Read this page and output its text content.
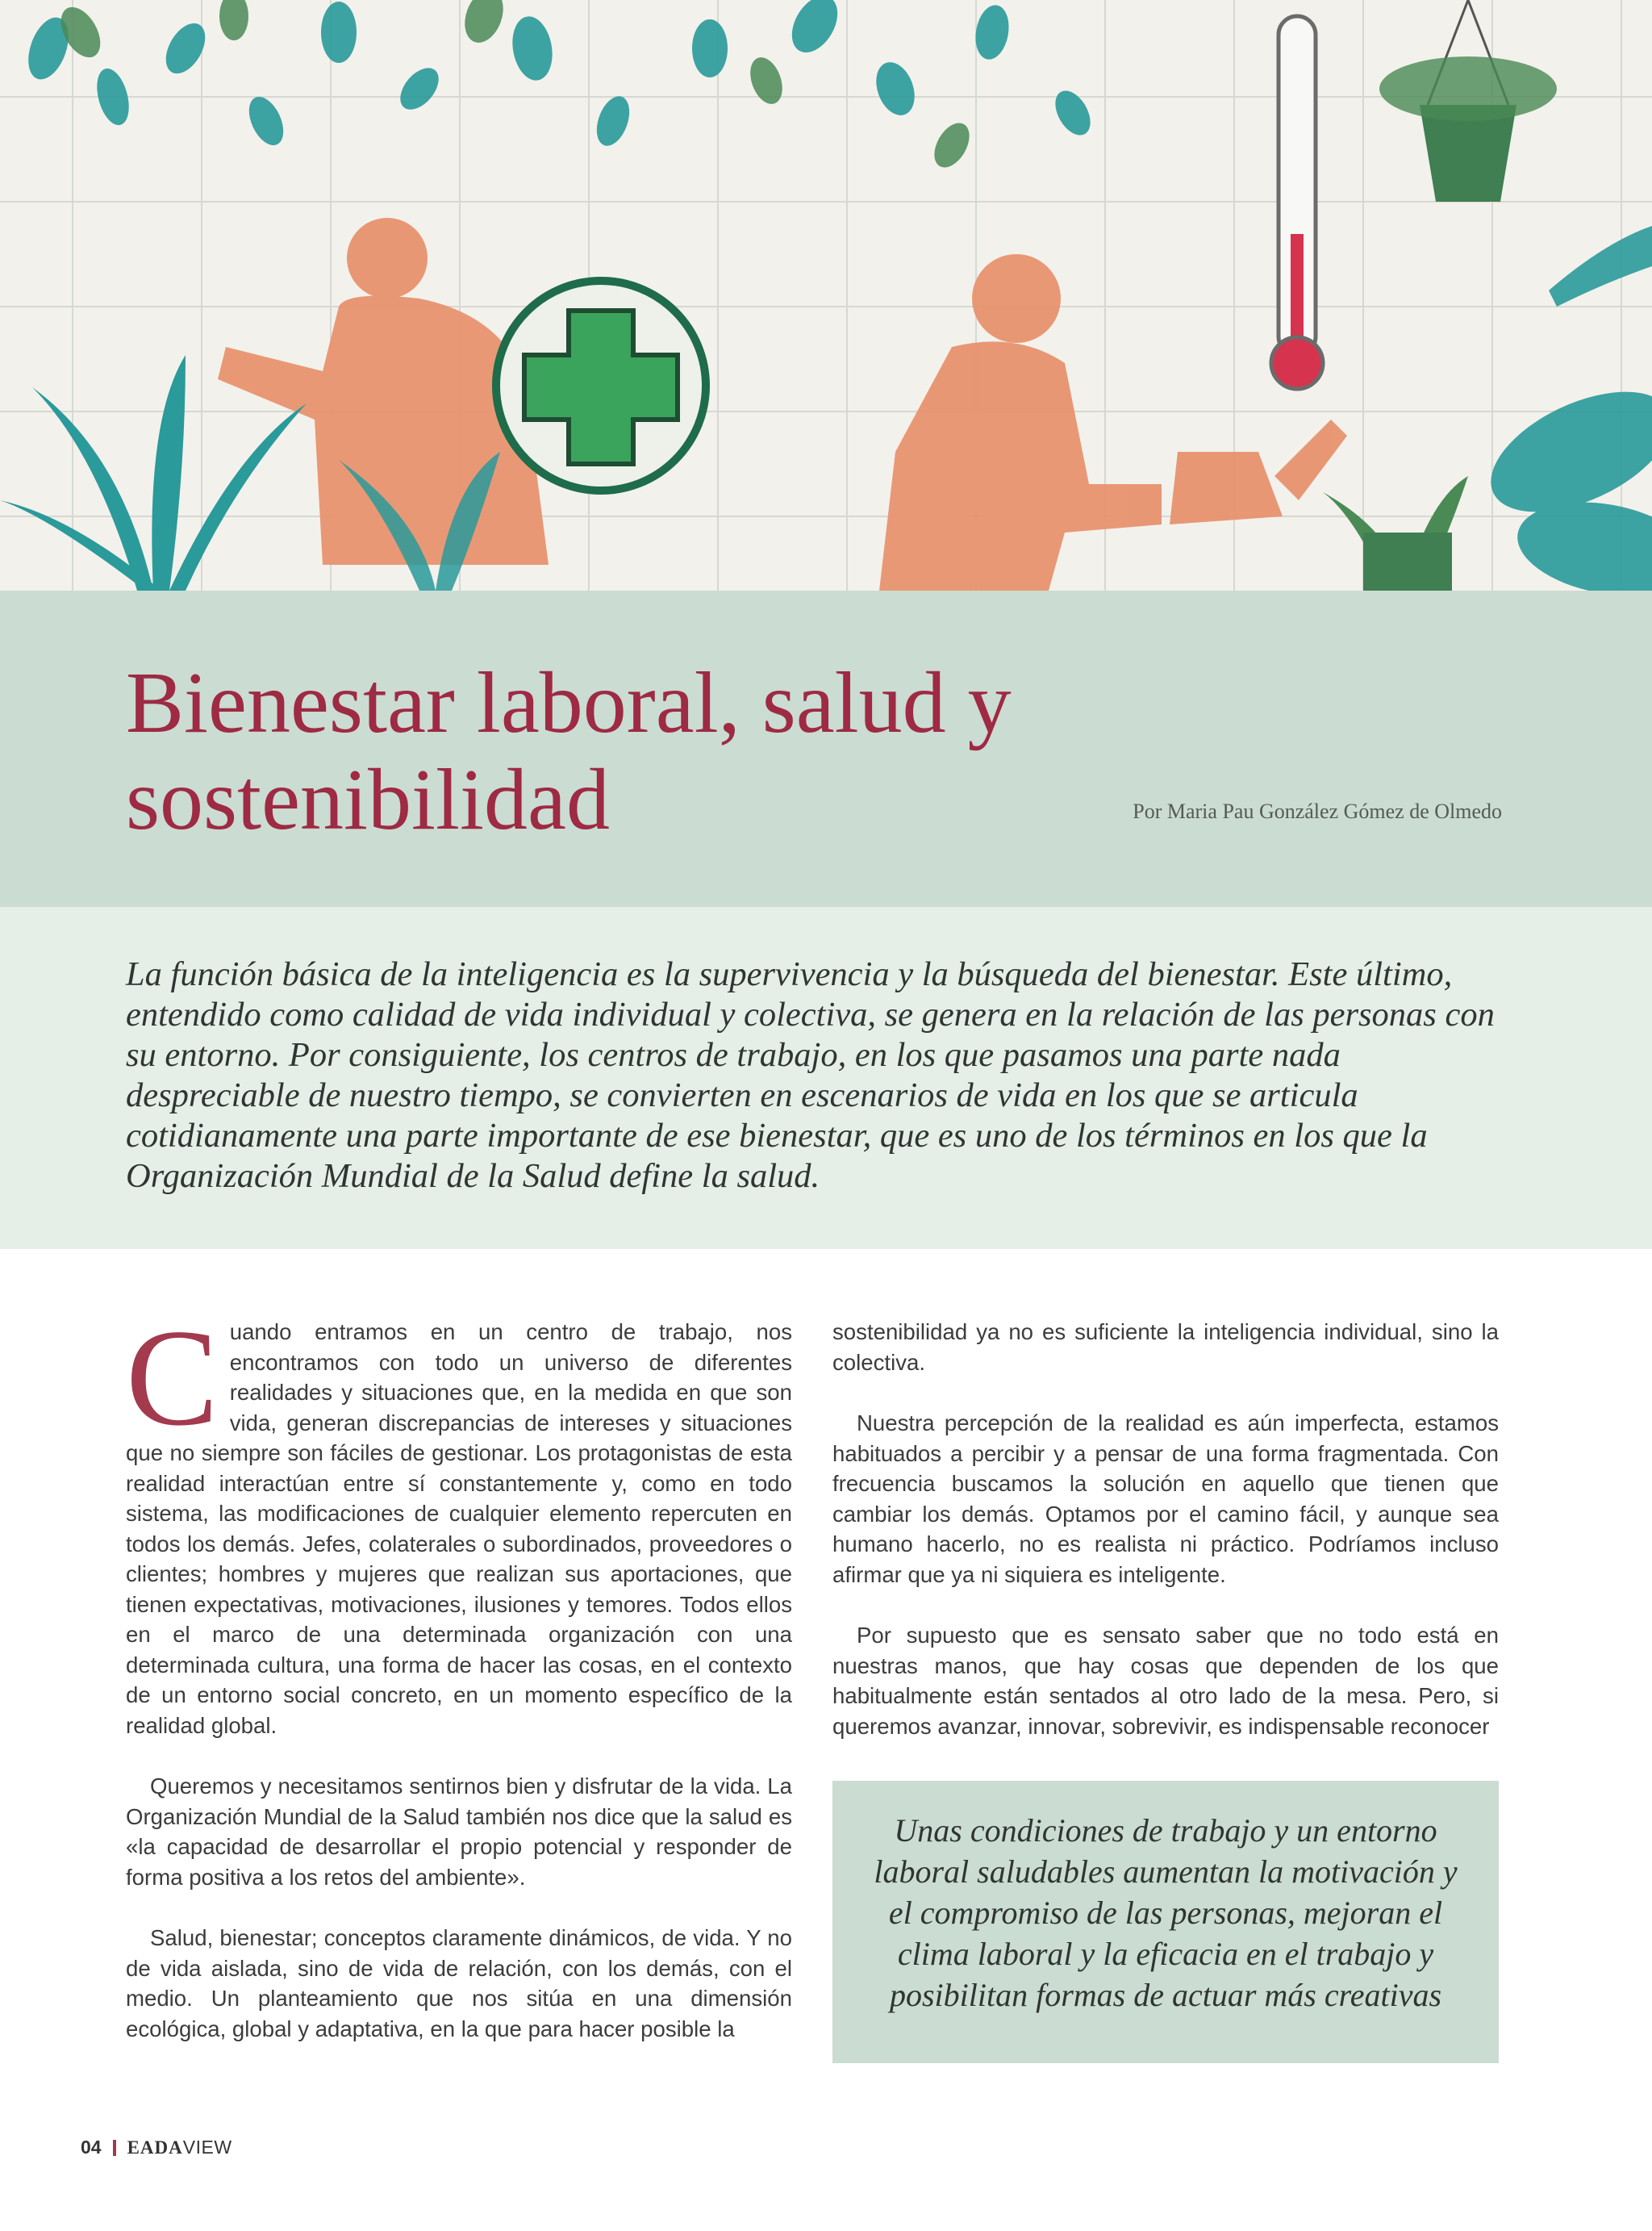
Bienestar laboral, salud y sostenibilidad	Por Maria Pau González Gómez de Olmedo

La función básica de la inteligencia es la supervivencia y la búsqueda del bienestar. Este último, entendido como calidad de vida individual y colectiva, se genera en la relación de las personas con su entorno. Por consiguiente, los centros de trabajo, en los que pasamos una parte nada despreciable de nuestro tiempo, se convierten en escenarios de vida en los que se articula cotidianamente una parte importante de ese bienestar, que es uno de los términos en los que la Organización Mundial de la Salud define la salud.

Cuando entramos en un centro de trabajo, nos encontramos con todo un universo de diferentes realidades y situaciones que, en la medida en que son vida, generan discrepancias de intereses y situaciones que no siempre son fáciles de gestionar. Los protagonistas de esta realidad interactúan entre sí constantemente y, como en todo sistema, las modificaciones de cualquier elemento repercuten en todos los demás. Jefes, colaterales o subordinados, proveedores o clientes; hombres y mujeres que realizan sus aportaciones, que tienen expectativas, motivaciones, ilusiones y temores. Todos ellos en el marco de una determinada organización con una determinada cultura, una forma de hacer las cosas, en el contexto de un entorno social concreto, en un momento específico de la realidad global.

Queremos y necesitamos sentirnos bien y disfrutar de la vida. La Organización Mundial de la Salud también nos dice que la salud es «la capacidad de desarrollar el propio potencial y responder de forma positiva a los retos del ambiente».

Salud, bienestar; conceptos claramente dinámicos, de vida. Y no de vida aislada, sino de vida de relación, con los demás, con el medio. Un planteamiento que nos sitúa en una dimensión ecológica, global y adaptativa, en la que para hacer posible la

sostenibilidad ya no es suficiente la inteligencia individual, sino la colectiva.

Nuestra percepción de la realidad es aún imperfecta, estamos habituados a percibir y a pensar de una forma fragmentada. Con frecuencia buscamos la solución en aquello que tienen que cambiar los demás. Optamos por el camino fácil, y aunque sea humano hacerlo, no es realista ni práctico. Podríamos incluso afirmar que ya ni siquiera es inteligente.

Por supuesto que es sensato saber que no todo está en nuestras manos, que hay cosas que dependen de los que habitualmente están sentados al otro lado de la mesa. Pero, si queremos avanzar, innovar, sobrevivir, es indispensable reconocer

Unas condiciones de trabajo y un entorno laboral saludables aumentan la motivación y el compromiso de las personas, mejoran el clima laboral y la eficacia en el trabajo y posibilitan formas de actuar más creativas

04 EADA VIEW
